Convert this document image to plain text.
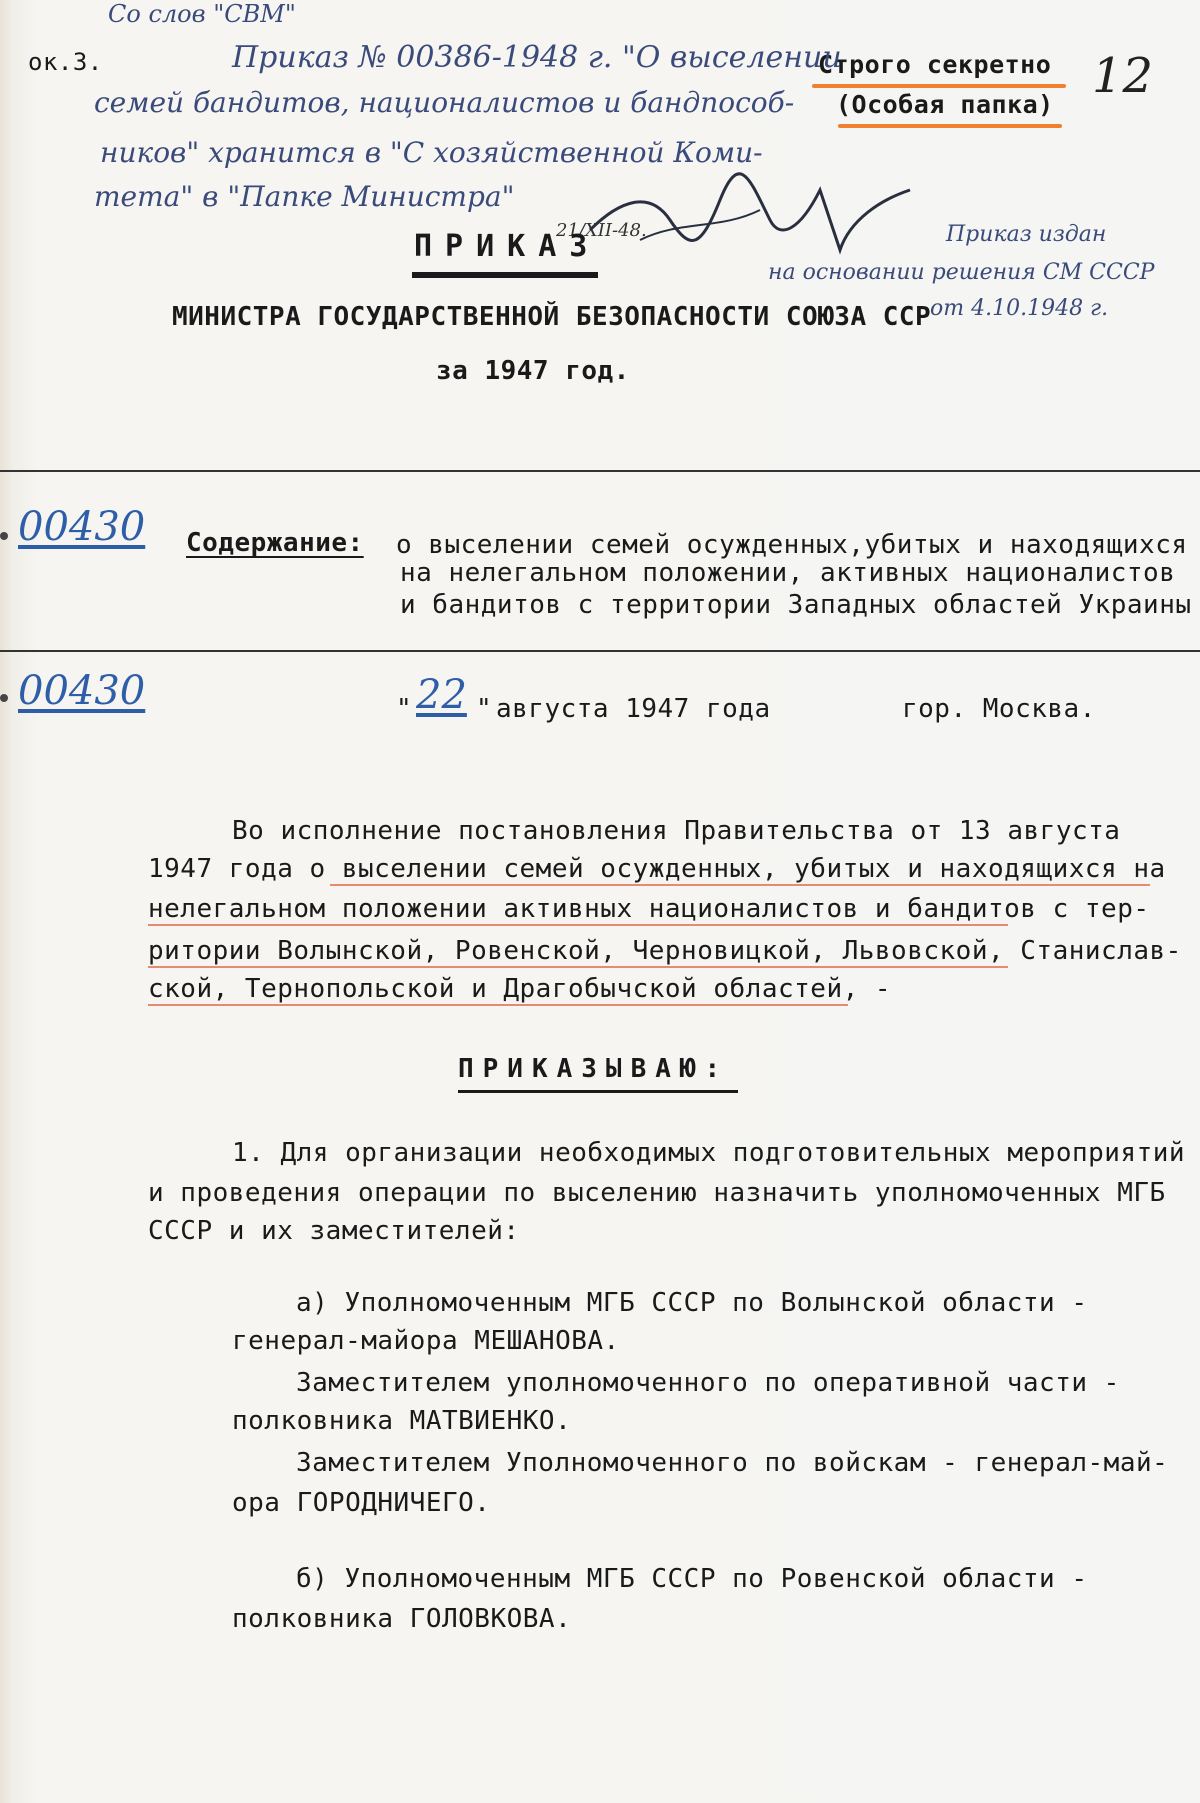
ок.3.	Строго секретно
(Особая папка)
12
Со слов "СВМ"
Приказ № 00386-1948 г. "О выселении
семей бандитов, националистов и бандпособ-
ников" хранится в "С хозяйственной Коми-
тета" в "Папке Министра"
21/XII-48.	Приказ издан
на основании решения СМ СССР
от 4.10.1948 г.
ПРИКАЗ
МИНИСТРА ГОСУДАРСТВЕННОЙ БЕЗОПАСНОСТИ СОЮЗА ССР
за 1947 год.
00430 Содержание: о выселении семей осужденных,убитых и находящихся
на нелегальном положении, активных националистов
и бандитов с территории Западных областей Украины
00430	" 22 " августа 1947 года	гор. Москва.
Во исполнение постановления Правительства от 13 августа
1947 года о выселении семей осужденных, убитых и находящихся на
нелегальном положении активных националистов и бандитов с тер-
ритории Волынской, Ровенской, Черновицкой, Львовской, Станислав-
ской, Тернопольской и Драгобычской областей, -
ПРИКАЗЫВАЮ:
1. Для организации необходимых подготовительных мероприятий
и проведения операции по выселению назначить уполномоченных МГБ
СССР и их заместителей:
а) Уполномоченным МГБ СССР по Волынской области -
генерал-майора МЕШАНОВА.
Заместителем уполномоченного по оперативной части -
полковника МАТВИЕНКО.
Заместителем Уполномоченного по войскам - генерал-май-
ора ГОРОДНИЧЕГО.
б) Уполномоченным МГБ СССР по Ровенской области -
полковника ГОЛОВКОВА.
